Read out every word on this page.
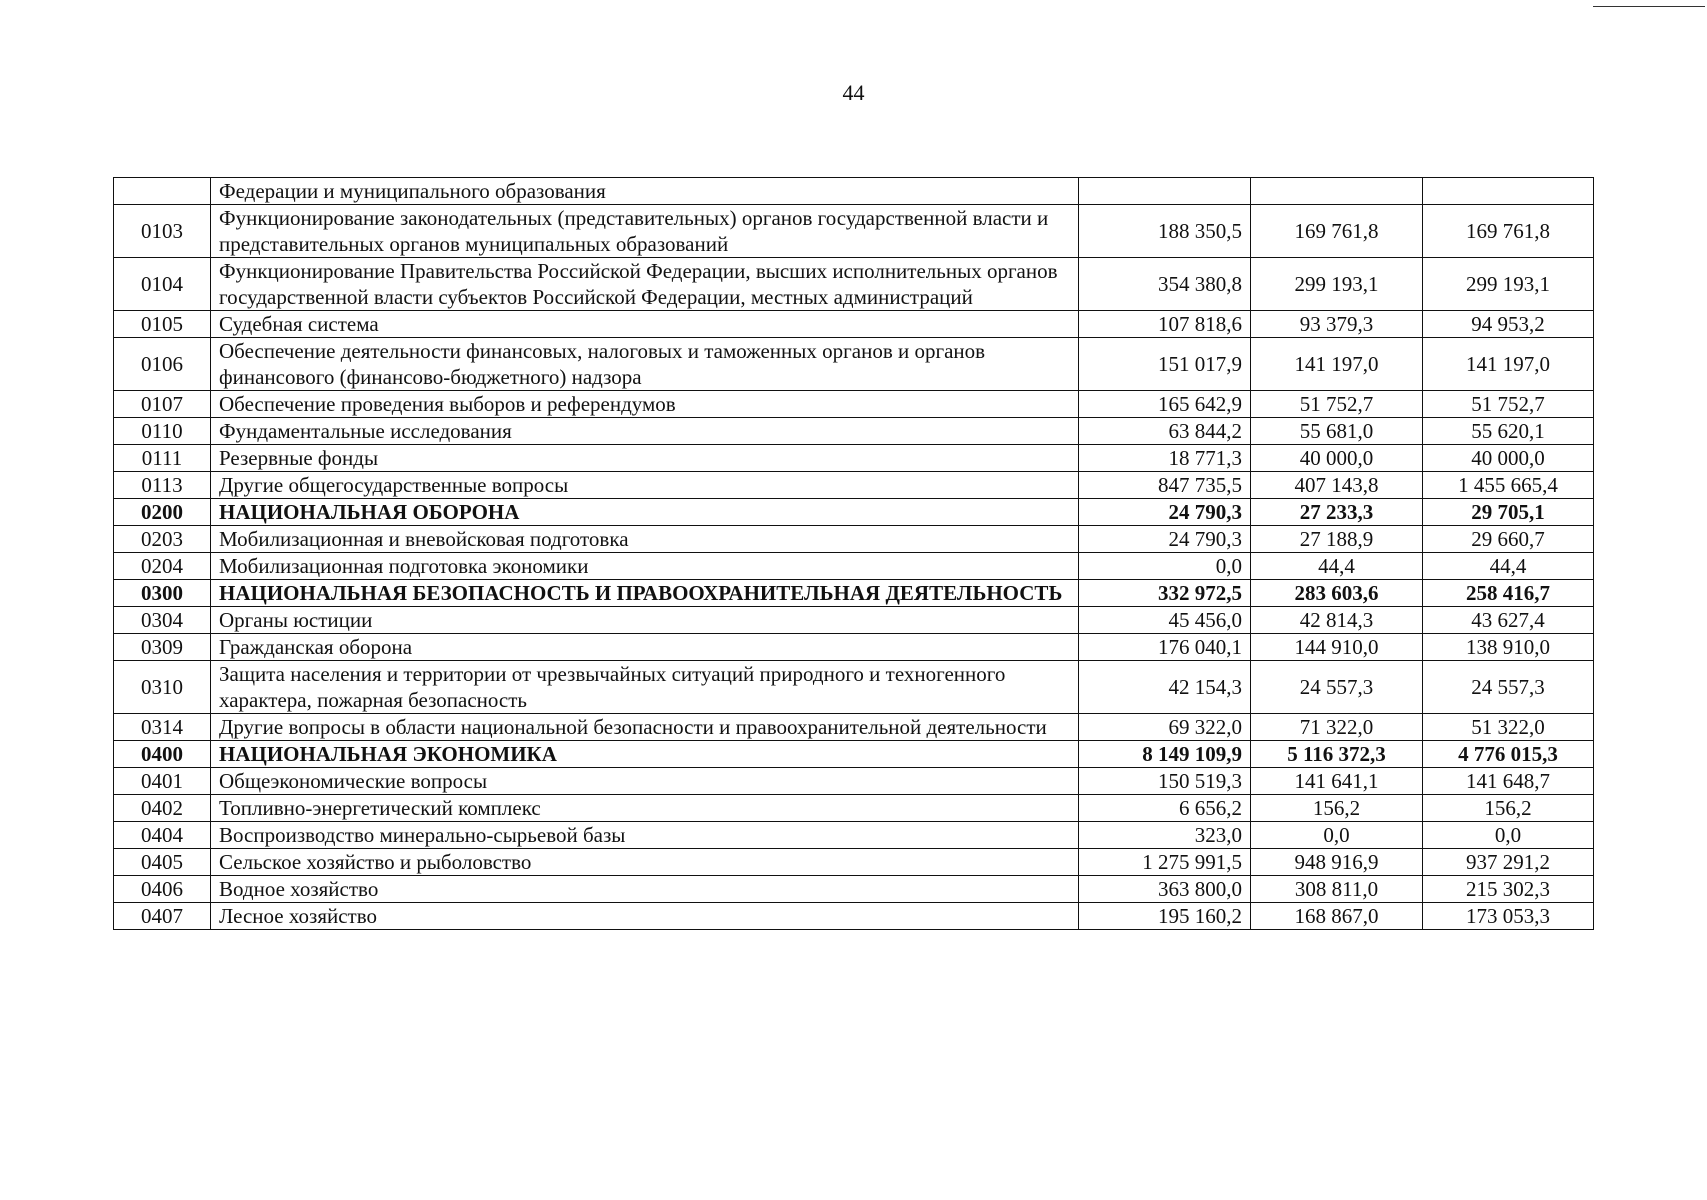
44
	Федерации и муниципального образования			
0103	Функционирование законодательных (представительных) органов государственной власти и представительных органов муниципальных образований	188 350,5	169 761,8	169 761,8
0104	Функционирование Правительства Российской Федерации, высших исполнительных органов государственной власти субъектов Российской Федерации, местных администраций	354 380,8	299 193,1	299 193,1
0105	Судебная система	107 818,6	93 379,3	94 953,2
0106	Обеспечение деятельности финансовых, налоговых и таможенных органов и органов финансового (финансово-бюджетного) надзора	151 017,9	141 197,0	141 197,0
0107	Обеспечение проведения выборов и референдумов	165 642,9	51 752,7	51 752,7
0110	Фундаментальные исследования	63 844,2	55 681,0	55 620,1
0111	Резервные фонды	18 771,3	40 000,0	40 000,0
0113	Другие общегосударственные вопросы	847 735,5	407 143,8	1 455 665,4
0200	НАЦИОНАЛЬНАЯ ОБОРОНА	24 790,3	27 233,3	29 705,1
0203	Мобилизационная и вневойсковая подготовка	24 790,3	27 188,9	29 660,7
0204	Мобилизационная подготовка экономики	0,0	44,4	44,4
0300	НАЦИОНАЛЬНАЯ БЕЗОПАСНОСТЬ И ПРАВООХРАНИТЕЛЬНАЯ ДЕЯТЕЛЬНОСТЬ	332 972,5	283 603,6	258 416,7
0304	Органы юстиции	45 456,0	42 814,3	43 627,4
0309	Гражданская оборона	176 040,1	144 910,0	138 910,0
0310	Защита населения и территории от чрезвычайных ситуаций природного и техногенного характера, пожарная безопасность	42 154,3	24 557,3	24 557,3
0314	Другие вопросы в области национальной безопасности и правоохранительной деятельности	69 322,0	71 322,0	51 322,0
0400	НАЦИОНАЛЬНАЯ ЭКОНОМИКА	8 149 109,9	5 116 372,3	4 776 015,3
0401	Общеэкономические вопросы	150 519,3	141 641,1	141 648,7
0402	Топливно-энергетический комплекс	6 656,2	156,2	156,2
0404	Воспроизводство минерально-сырьевой базы	323,0	0,0	0,0
0405	Сельское хозяйство и рыболовство	1 275 991,5	948 916,9	937 291,2
0406	Водное хозяйство	363 800,0	308 811,0	215 302,3
0407	Лесное хозяйство	195 160,2	168 867,0	173 053,3
